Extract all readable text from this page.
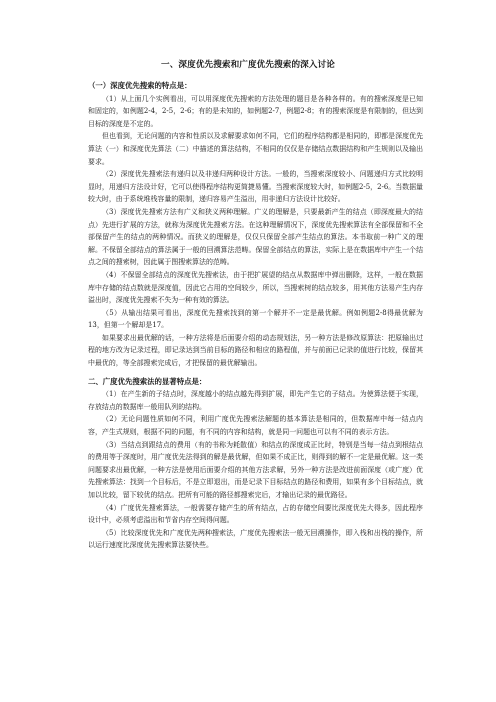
一、深度优先搜索和广度优先搜索的深入讨论
（一）深度优先搜索的特点是：

（1）从上面几个实例看出，可以用深度优先搜索的方法处理的题目是各种各样的。有的搜索深度是已知和固定的，如例题2-4，2-5，2-6；有的是未知的，如例题2-7，例题2-8；有的搜索深度是有限制的，但达到目标的深度是不定的。

但也看到，无论问题的内容和性质以及求解要求如何不同，它们的程序结构都是相同的，即都是深度优先算法（一）和深度优先算法（二）中描述的算法结构，不相同的仅仅是存储结点数据结构和产生规则以及输出要求。

（2）深度优先搜索法有递归以及非递归两种设计方法。一般的，当搜索深度较小、问题递归方式比较明显时，用递归方法设计好，它可以使得程序结构更简捷易懂。当搜索深度较大时，如例题2-5，2-6。当数据量较大时，由于系统堆栈容量的限制，递归容易产生溢出，用非递归方法设计比较好。

（3）深度优先搜索方法有广义和狭义两种理解。广义的理解是，只要最新产生的结点（即深度最大的结点）先进行扩展的方法，就称为深度优先搜索方法。在这种理解情况下，深度优先搜索算法有全部保留和不全部保留产生的结点的两种情况。而狭义的理解是，仅仅只保留全部产生结点的算法。本书取前一种广义的理解。不保留全部结点的算法属于一般的回溯算法范畴。保留全部结点的算法，实际上是在数据库中产生一个结点之间的搜索树，因此属于图搜索算法的范畴。

（4）不保留全部结点的深度优先搜索法，由于把扩展望的结点从数据库中弹出删除，这样，一般在数据库中存储的结点数就是深度值，因此它占用的空间较少，所以，当搜索树的结点较多，用其他方法易产生内存溢出时，深度优先搜索不失为一种有效的算法。

（5）从输出结果可看出，深度优先搜索找到的第一个解并不一定是最优解。例如例题2-8得最优解为13，但第一个解却是17。

如果要求出最优解的话，一种方法将是后面要介绍的动态规划法，另一种方法是修改原算法：把原输出过程的地方改为记录过程，即记录达到当前目标的路径和相应的路程值，并与前面已记录的值进行比较，保留其中最优的，等全部搜索完成后，才把保留的最优解输出。

二、广度优先搜索法的显著特点是：

（1）在产生新的子结点时，深度越小的结点越先得到扩展，即先产生它的子结点。为使算法便于实现，存放结点的数据库一般用队列的结构。

（2）无论问题性质如何不同，利用广度优先搜索法解题的基本算法是相同的，但数据库中每一结点内容，产生式规则，根据不同的问题，有不同的内容和结构，就是同一问题也可以有不同的表示方法。

（3）当结点到跟结点的费用（有的书称为耗散值）和结点的深度成正比时，特别是当每一结点到根结点的费用等于深度时，用广度优先法得到的解是最优解，但如果不成正比，则得到的解不一定是最优解。这一类问题要求出最优解，一种方法是使用后面要介绍的其他方法求解，另外一种方法是改进前面深度（或广度）优先搜索算法：找到一个目标后，不是立即退出，而是记录下目标结点的路径和费用，如果有多个目标结点，就加以比较，留下较优的结点。把所有可能的路径都搜索完后，才输出记录的最优路径。

（4）广度优先搜索算法，一般需要存储产生的所有结点，占的存储空间要比深度优先大得多，因此程序设计中，必须考虑溢出和节省内存空间得问题。

（5）比较深度优先和广度优先两种搜索法，广度优先搜索法一般无回溯操作，即入栈和出栈的操作，所以运行速度比深度优先搜索算法要快些。
